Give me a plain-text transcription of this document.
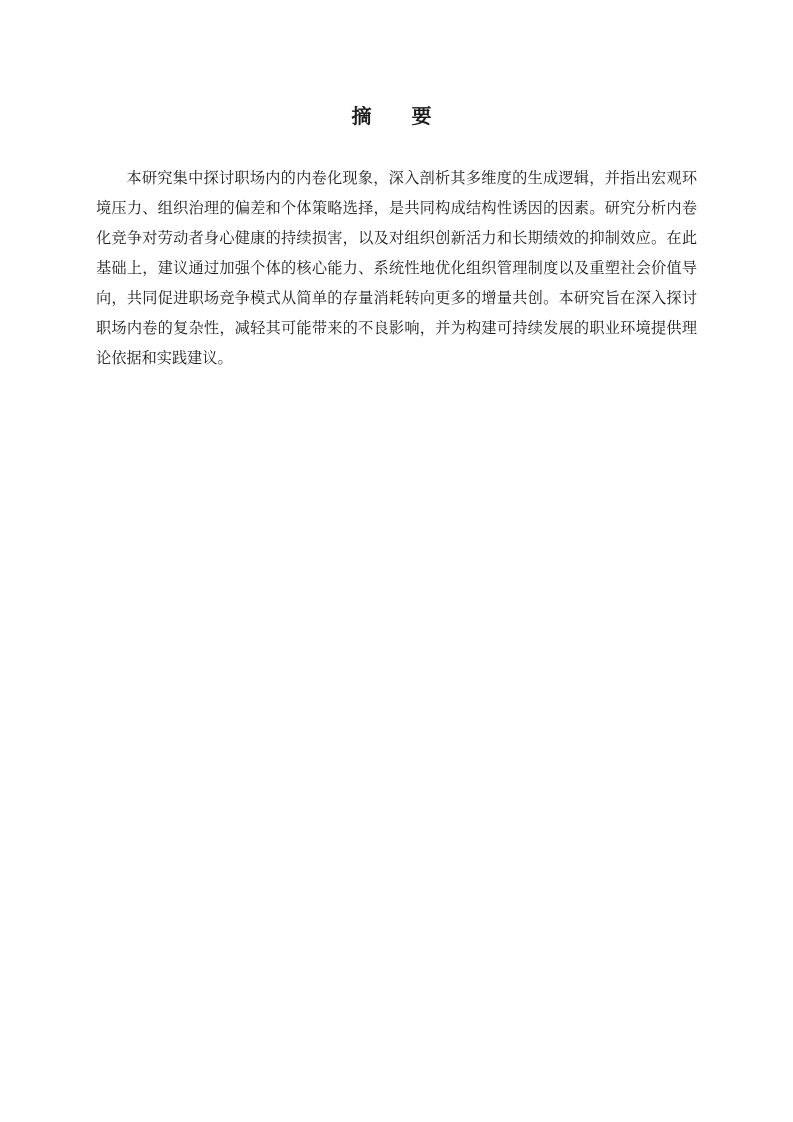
摘　要

本研究集中探讨职场内的内卷化现象，深入剖析其多维度的生成逻辑，并指出宏观环境压力、组织治理的偏差和个体策略选择，是共同构成结构性诱因的因素。研究分析内卷化竞争对劳动者身心健康的持续损害，以及对组织创新活力和长期绩效的抑制效应。在此基础上，建议通过加强个体的核心能力、系统性地优化组织管理制度以及重塑社会价值导向，共同促进职场竞争模式从简单的存量消耗转向更多的增量共创。本研究旨在深入探讨职场内卷的复杂性，减轻其可能带来的不良影响，并为构建可持续发展的职业环境提供理论依据和实践建议。
